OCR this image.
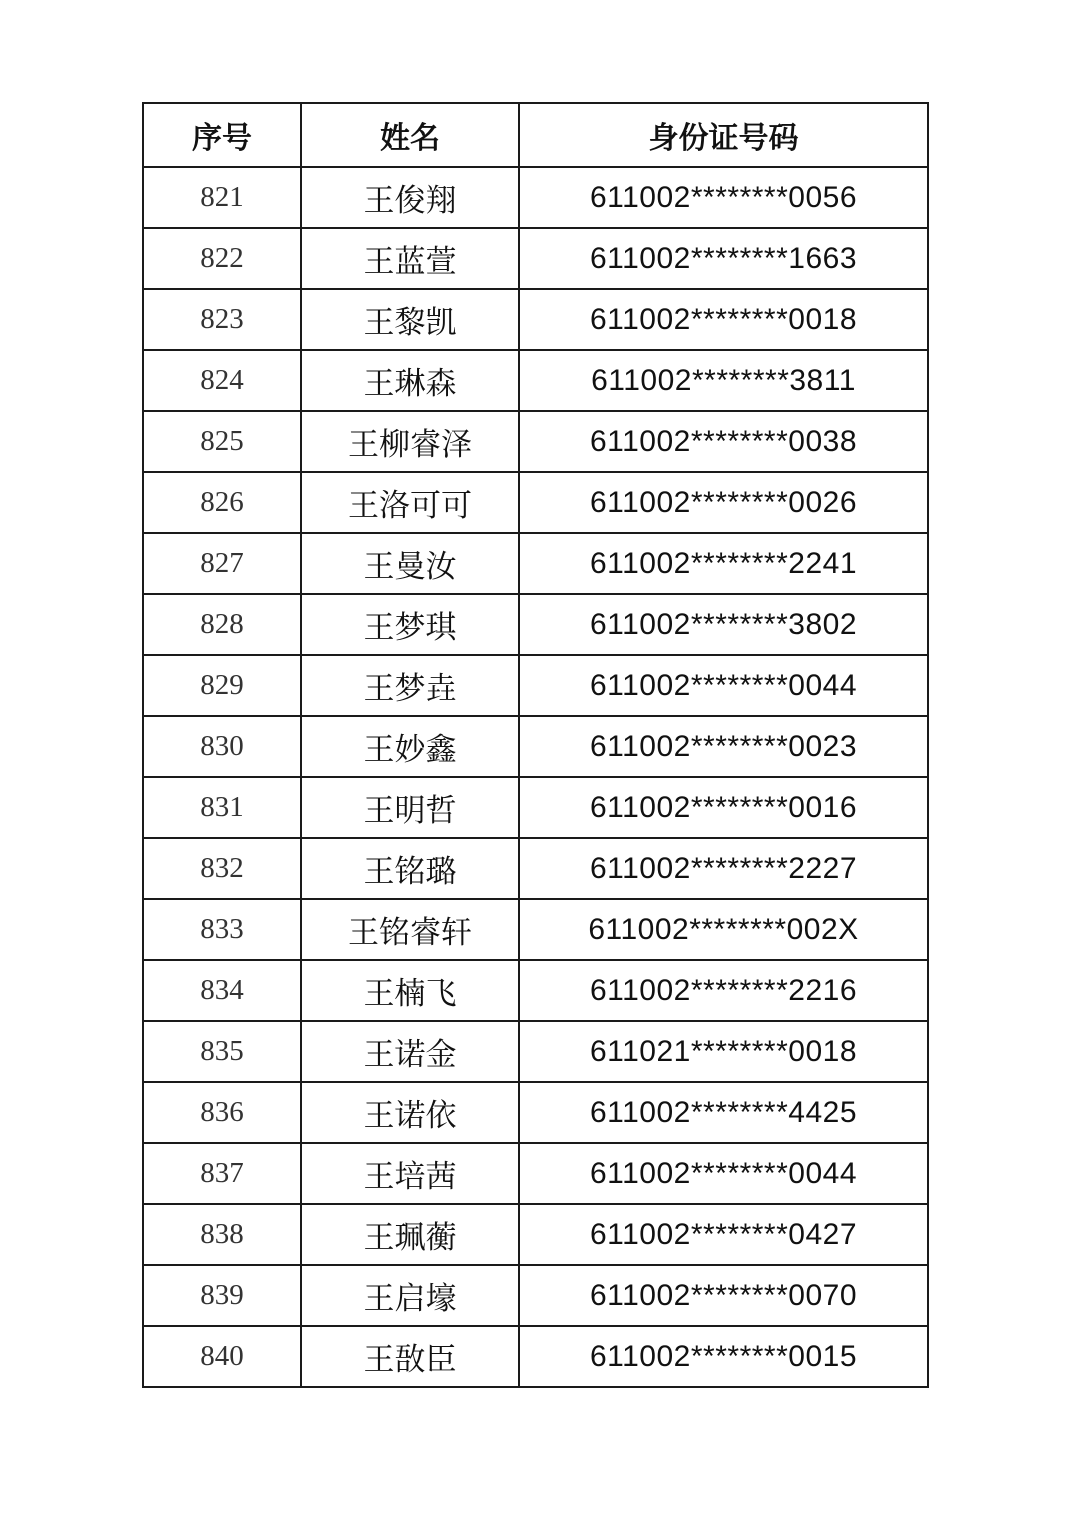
序号	姓名	身份证号码
821	王俊翔	611002********0056
822	王蓝萱	611002********1663
823	王黎凯	611002********0018
824	王琳森	611002********3811
825	王柳睿泽	611002********0038
826	王洛可可	611002********0026
827	王曼汝	611002********2241
828	王梦琪	611002********3802
829	王梦垚	611002********0044
830	王妙鑫	611002********0023
831	王明哲	611002********0016
832	王铭璐	611002********2227
833	王铭睿轩	611002********002X
834	王楠飞	611002********2216
835	王诺金	611021********0018
836	王诺依	611002********4425
837	王培茜	611002********0044
838	王珮蘅	611002********0427
839	王启壕	611002********0070
840	王敔臣	611002********0015
